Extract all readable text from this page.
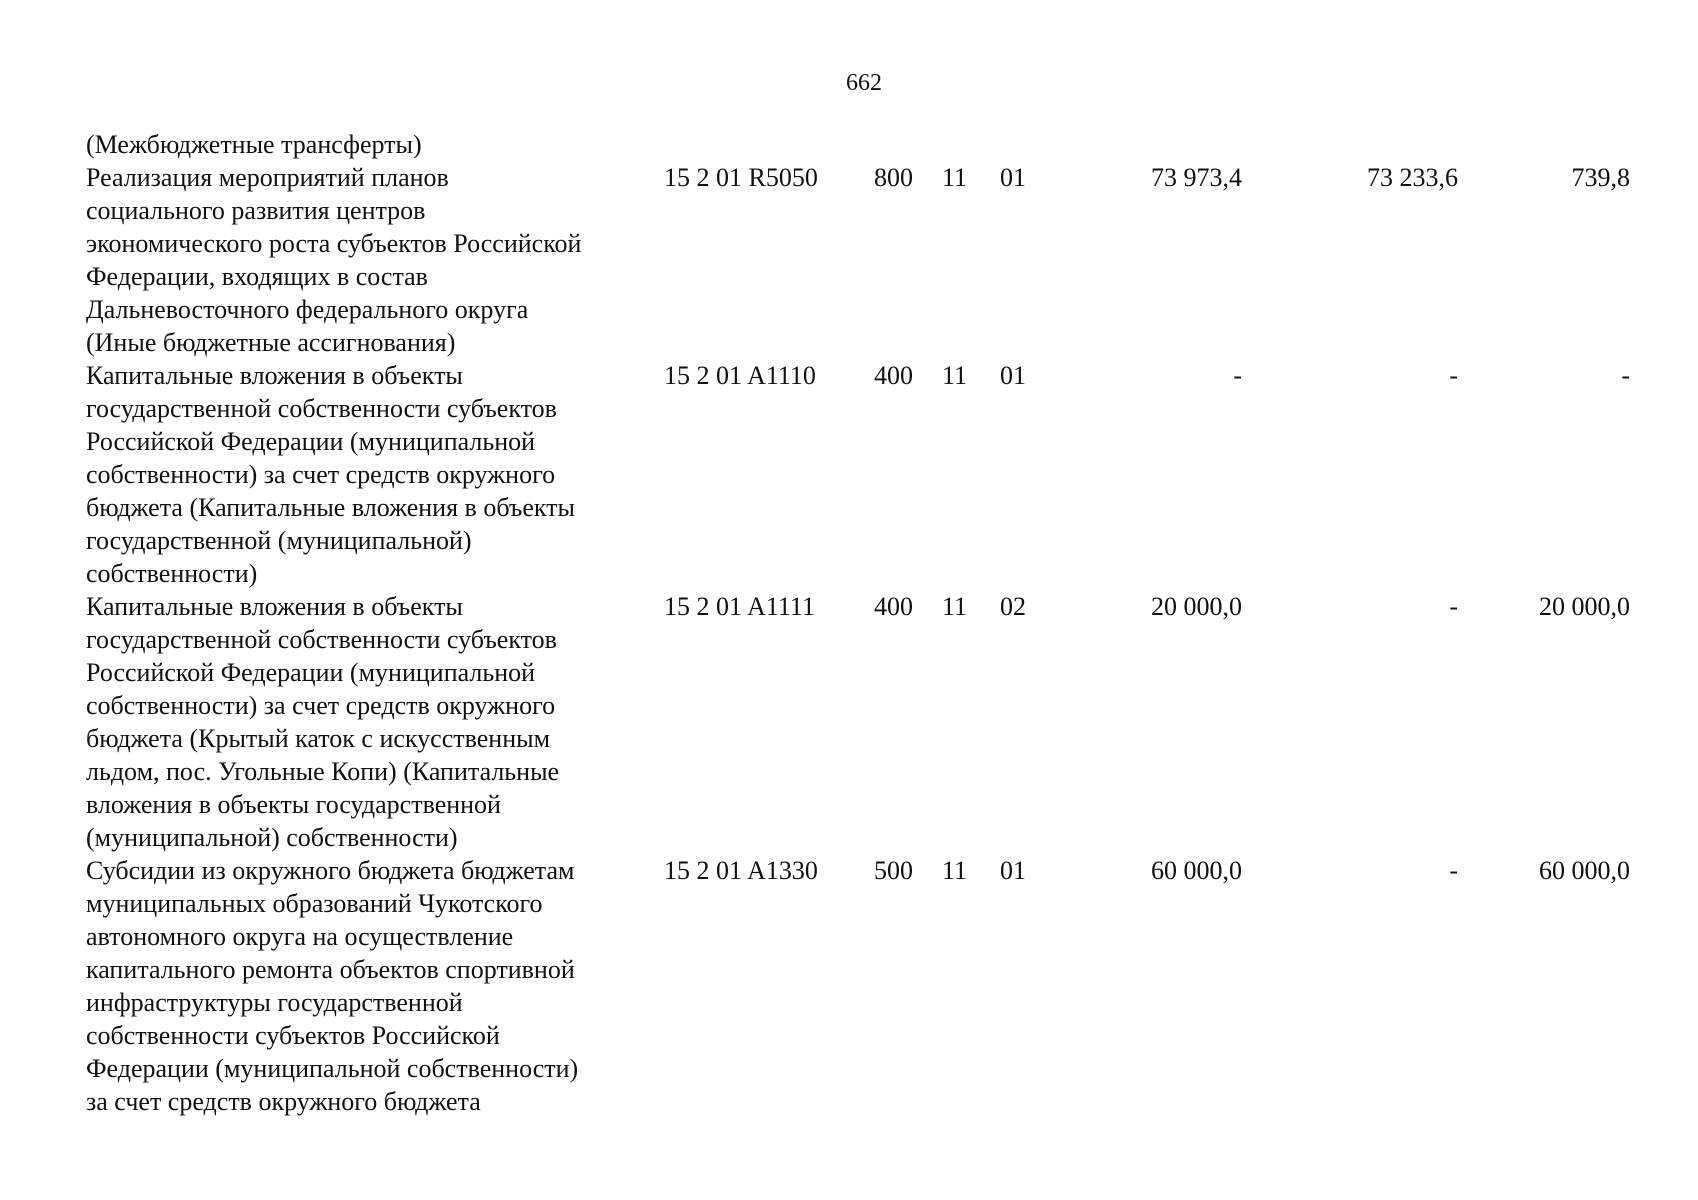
662
(Межбюджетные трансферты)
Реализация мероприятий планов
социального развития центров
экономического роста субъектов Российской
Федерации, входящих в состав
Дальневосточного федерального округа
(Иные бюджетные ассигнования)
15 2 01 R5050 800 11 01	73 973,4	73 233,6	739,8
Капитальные вложения в объекты
государственной собственности субъектов
Российской Федерации (муниципальной
собственности) за счет средств окружного
бюджета (Капитальные вложения в объекты
государственной (муниципальной)
собственности)
15 2 01 A1110 400 11 01	-	-	-
Капитальные вложения в объекты
государственной собственности субъектов
Российской Федерации (муниципальной
собственности) за счет средств окружного
бюджета (Крытый каток с искусственным
льдом, пос. Угольные Копи) (Капитальные
вложения в объекты государственной
(муниципальной) собственности)
15 2 01 A1111 400 11 02	20 000,0	-	20 000,0
Субсидии из окружного бюджета бюджетам
муниципальных образований Чукотского
автономного округа на осуществление
капитального ремонта объектов спортивной
инфраструктуры государственной
собственности субъектов Российской
Федерации (муниципальной собственности)
за счет средств окружного бюджета
15 2 01 A1330 500 11 01	60 000,0	-	60 000,0
